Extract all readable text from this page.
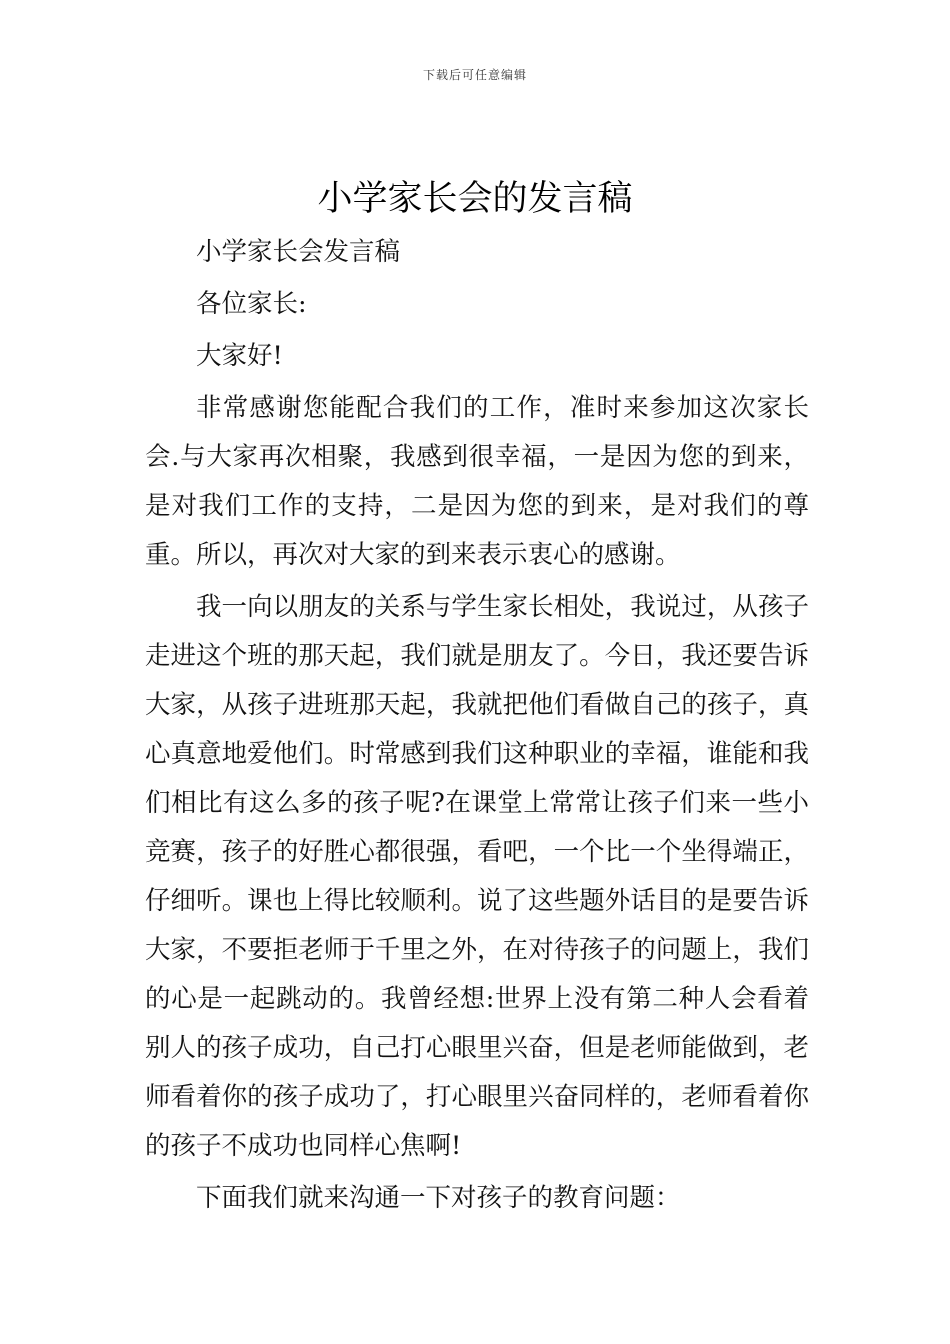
下载后可任意编辑
小学家长会的发言稿

小学家长会发言稿

各位家长:

大家好!

非常感谢您能配合我们的工作，准时来参加这次家长会.与大家再次相聚，我感到很幸福，一是因为您的到来，是对我们工作的支持，二是因为您的到来，是对我们的尊重。所以，再次对大家的到来表示衷心的感谢。

我一向以朋友的关系与学生家长相处，我说过，从孩子走进这个班的那天起，我们就是朋友了。今日，我还要告诉大家，从孩子进班那天起，我就把他们看做自己的孩子，真心真意地爱他们。时常感到我们这种职业的幸福，谁能和我们相比有这么多的孩子呢?在课堂上常常让孩子们来一些小竞赛，孩子的好胜心都很强，看吧，一个比一个坐得端正，仔细听。课也上得比较顺利。说了这些题外话目的是要告诉大家，不要拒老师于千里之外，在对待孩子的问题上，我们的心是一起跳动的。我曾经想:世界上没有第二种人会看着别人的孩子成功，自己打心眼里兴奋，但是老师能做到，老师看着你的孩子成功了，打心眼里兴奋同样的，老师看着你的孩子不成功也同样心焦啊!

下面我们就来沟通一下对孩子的教育问题：
